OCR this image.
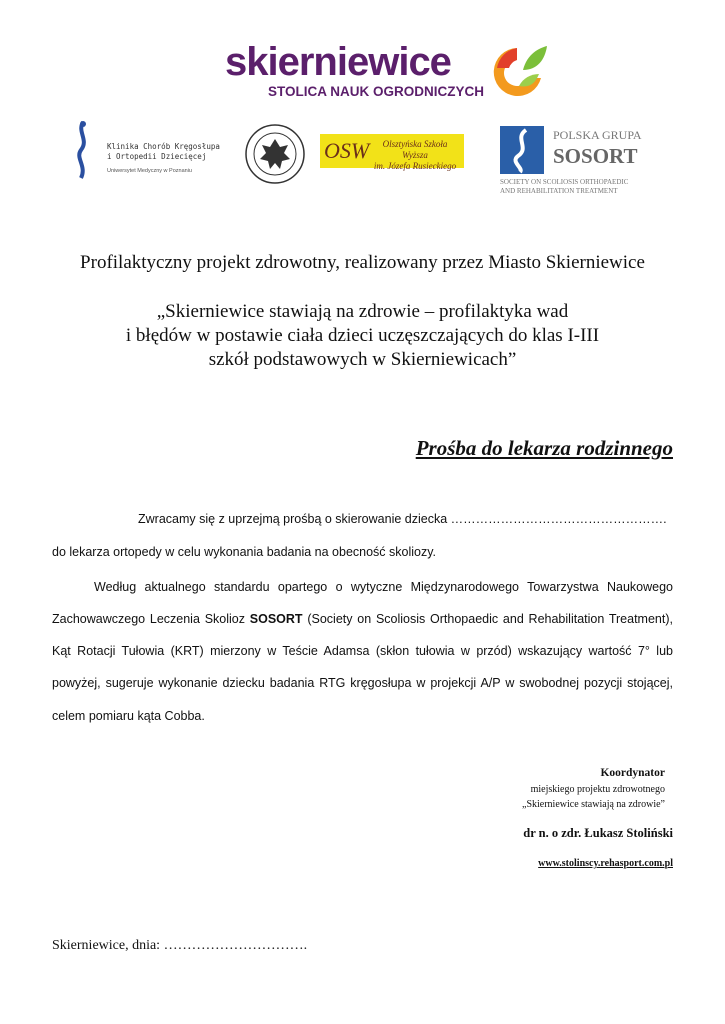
skierniewice
STOLICA NAUK OGRODNICZYCH
Klinika Chorób Kręgosłupa
i Ortopedii Dziecięcej
Uniwersytet Medyczny w Poznaniu
OSW	Olsztyńska Szkoła Wyższa
im. Józefa Rusieckiego
POLSKA GRUPA
SOSORT
SOCIETY ON SCOLIOSIS ORTHOPAEDIC
AND REHABILITATION TREATMENT
Profilaktyczny projekt zdrowotny, realizowany przez Miasto Skierniewice
„Skierniewice stawiają na zdrowie – profilaktyka wad
i błędów w postawie ciała dzieci uczęszczających do klas I-III
szkół podstawowych w Skierniewicach”
Prośba do lekarza rodzinnego
Zwracamy się z uprzejmą prośbą o skierowanie dziecka …………………………………………….
do lekarza ortopedy w celu wykonania badania na obecność skoliozy.
Według aktualnego standardu opartego o wytyczne Międzynarodowego Towarzystwa Naukowego
Zachowawczego Leczenia Skolioz SOSORT (Society on Scoliosis Orthopaedic and Rehabilitation Treatment),
Kąt Rotacji Tułowia (KRT) mierzony w Teście Adamsa (skłon tułowia w przód) wskazujący wartość 7° lub
powyżej, sugeruje wykonanie dziecku badania RTG kręgosłupa w projekcji A/P w swobodnej pozycji stojącej,
celem pomiaru kąta Cobba.
Koordynator
miejskiego projektu zdrowotnego
„Skierniewice stawiają na zdrowie”
dr n. o zdr. Łukasz Stoliński
www.stolinscy.rehasport.com.pl
Skierniewice, dnia: ………………………….
